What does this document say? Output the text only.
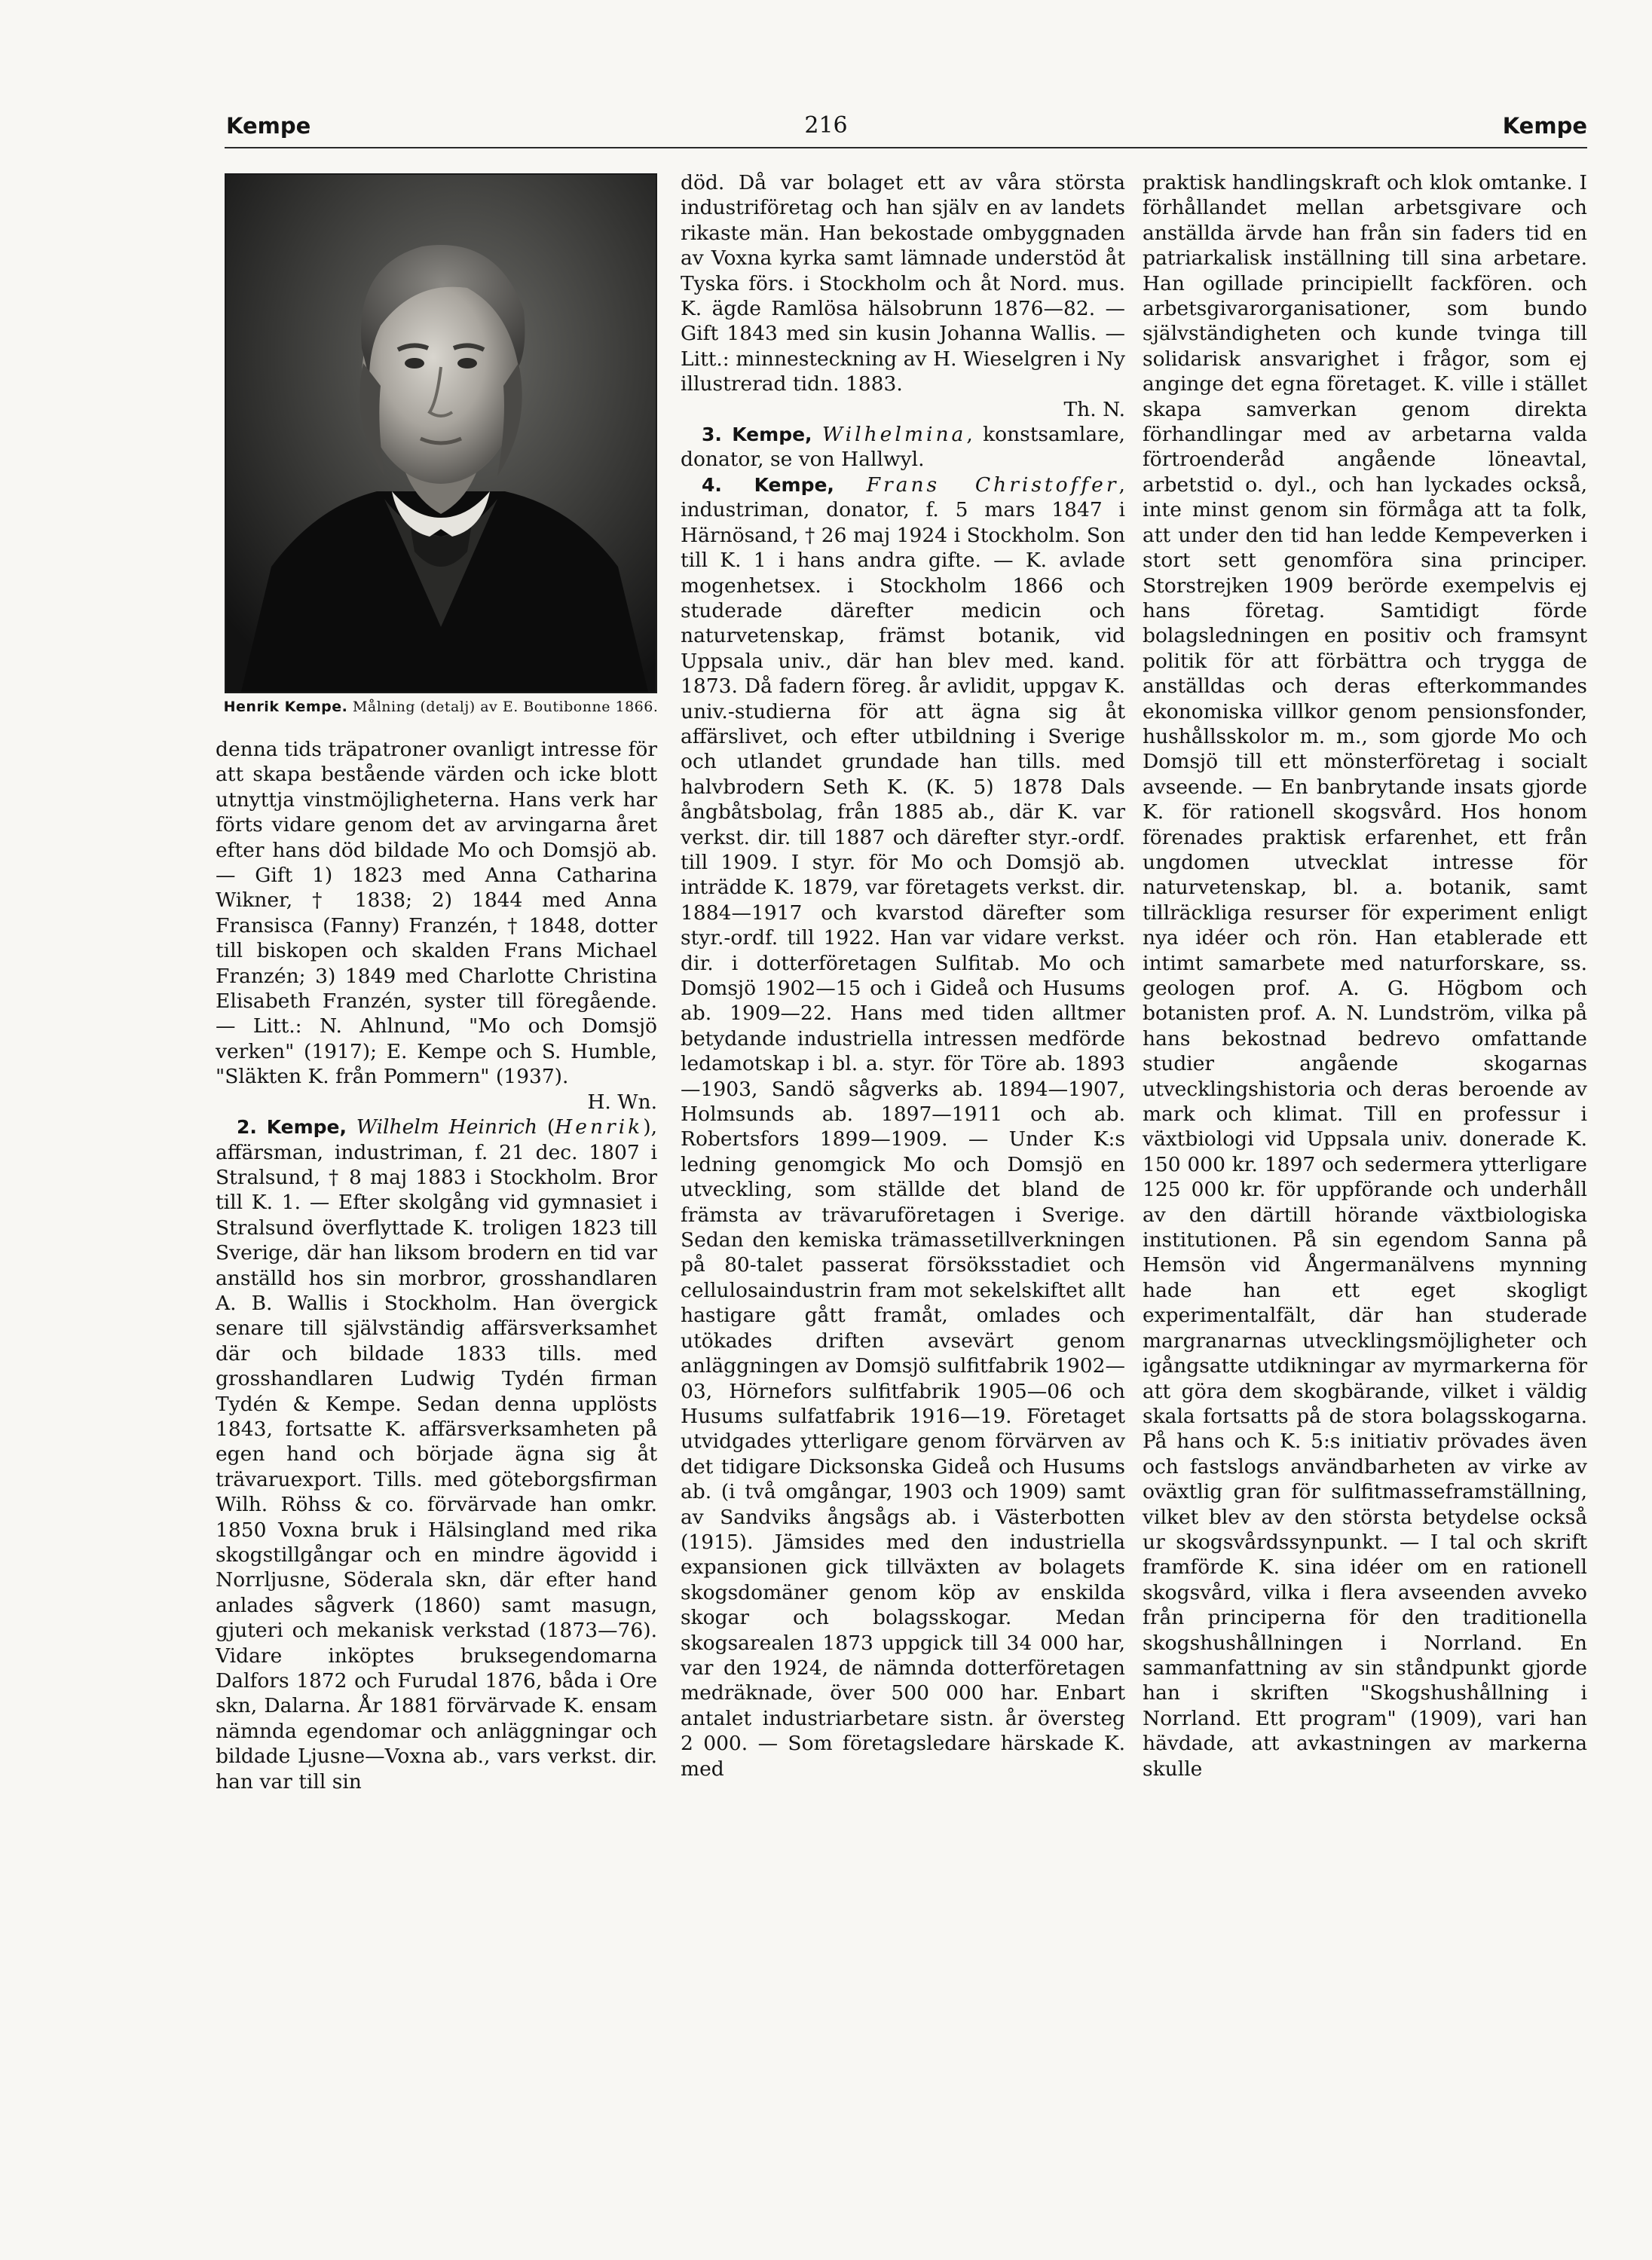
Kempe	216	Kempe
Henrik Kempe. Målning (detalj) av E. Boutibonne 1866.

denna tids träpatroner ovanligt intresse för att skapa bestående värden och icke blott utnyttja vinstmöjligheterna. Hans verk har förts vidare genom det av arvingarna året efter hans död bildade Mo och Domsjö ab. — Gift 1) 1823 med Anna Catharina Wikner, † 1838; 2) 1844 med Anna Fransisca (Fanny) Franzén, † 1848, dotter till biskopen och skalden Frans Michael Franzén; 3) 1849 med Charlotte Christina Elisabeth Franzén, syster till föregående. — Litt.: N. Ahlnund, "Mo och Domsjö verken" (1917); E. Kempe och S. Humble, "Släkten K. från Pommern" (1937).

H. Wn.

2. Kempe, Wilhelm Heinrich (Henrik), affärsman, industriman, f. 21 dec. 1807 i Stralsund, † 8 maj 1883 i Stockholm. Bror till K. 1. — Efter skolgång vid gymnasiet i Stralsund överflyttade K. troligen 1823 till Sverige, där han liksom brodern en tid var anställd hos sin morbror, grosshandlaren A. B. Wallis i Stockholm. Han övergick senare till självständig affärsverksamhet där och bildade 1833 tills. med grosshandlaren Ludwig Tydén firman Tydén & Kempe. Sedan denna upplösts 1843, fortsatte K. affärsverksamheten på egen hand och började ägna sig åt trävaruexport. Tills. med göteborgsfirman Wilh. Röhss & co. förvärvade han omkr. 1850 Voxna bruk i Hälsingland med rika skogstillgångar och en mindre ägovidd i Norrljusne, Söderala skn, där efter hand anlades sågverk (1860) samt masugn, gjuteri och mekanisk verkstad (1873—76). Vidare inköptes bruksegendomarna Dalfors 1872 och Furudal 1876, båda i Ore skn, Dalarna. År 1881 förvärvade K. ensam nämnda egendomar och anläggningar och bildade Ljusne—Voxna ab., vars verkst. dir. han var till sin

död. Då var bolaget ett av våra största industriföretag och han själv en av landets rikaste män. Han bekostade ombyggnaden av Voxna kyrka samt lämnade understöd åt Tyska förs. i Stockholm och åt Nord. mus. K. ägde Ramlösa hälsobrunn 1876—82. — Gift 1843 med sin kusin Johanna Wallis. — Litt.: minnesteckning av H. Wieselgren i Ny illustrerad tidn. 1883.

Th. N.

3. Kempe, Wilhelmina, konstsamlare, donator, se von Hallwyl.

4. Kempe, Frans Christoffer, industriman, donator, f. 5 mars 1847 i Härnösand, † 26 maj 1924 i Stockholm. Son till K. 1 i hans andra gifte. — K. avlade mogenhetsex. i Stockholm 1866 och studerade därefter medicin och naturvetenskap, främst botanik, vid Uppsala univ., där han blev med. kand. 1873. Då fadern föreg. år avlidit, uppgav K. univ.-studierna för att ägna sig åt affärslivet, och efter utbildning i Sverige och utlandet grundade han tills. med halvbrodern Seth K. (K. 5) 1878 Dals ångbåtsbolag, från 1885 ab., där K. var verkst. dir. till 1887 och därefter styr.-ordf. till 1909. I styr. för Mo och Domsjö ab. inträdde K. 1879, var företagets verkst. dir. 1884—1917 och kvarstod därefter som styr.-ordf. till 1922. Han var vidare verkst. dir. i dotterföretagen Sulfitab. Mo och Domsjö 1902—15 och i Gideå och Husums ab. 1909—22. Hans med tiden alltmer betydande industriella intressen medförde ledamotskap i bl. a. styr. för Töre ab. 1893—1903, Sandö sågverks ab. 1894—1907, Holmsunds ab. 1897—1911 och ab. Robertsfors 1899—1909. — Under K:s ledning genomgick Mo och Domsjö en utveckling, som ställde det bland de främsta av trävaruföretagen i Sverige. Sedan den kemiska trämassetillverkningen på 80-talet passerat försöksstadiet och cellulosaindustrin fram mot sekelskiftet allt hastigare gått framåt, omlades och utökades driften avsevärt genom anläggningen av Domsjö sulfitfabrik 1902—03, Hörnefors sulfitfabrik 1905—06 och Husums sulfatfabrik 1916—19. Företaget utvidgades ytterligare genom förvärven av det tidigare Dicksonska Gideå och Husums ab. (i två omgångar, 1903 och 1909) samt av Sandviks ångsågs ab. i Västerbotten (1915). Jämsides med den industriella expansionen gick tillväxten av bolagets skogsdomäner genom köp av enskilda skogar och bolagsskogar. Medan skogsarealen 1873 uppgick till 34 000 har, var den 1924, de nämnda dotterföretagen medräknade, över 500 000 har. Enbart antalet industriarbetare sistn. år översteg 2 000. — Som företagsledare härskade K. med

praktisk handlingskraft och klok omtanke. I förhållandet mellan arbetsgivare och anställda ärvde han från sin faders tid en patriarkalisk inställning till sina arbetare. Han ogillade principiellt fackfören. och arbetsgivarorganisationer, som bundo självständigheten och kunde tvinga till solidarisk ansvarighet i frågor, som ej anginge det egna företaget. K. ville i stället skapa samverkan genom direkta förhandlingar med av arbetarna valda förtroenderåd angående löneavtal, arbetstid o. dyl., och han lyckades också, inte minst genom sin förmåga att ta folk, att under den tid han ledde Kempeverken i stort sett genomföra sina principer. Storstrejken 1909 berörde exempelvis ej hans företag. Samtidigt förde bolagsledningen en positiv och framsynt politik för att förbättra och trygga de anställdas och deras efterkommandes ekonomiska villkor genom pensionsfonder, hushållsskolor m. m., som gjorde Mo och Domsjö till ett mönsterföretag i socialt avseende. — En banbrytande insats gjorde K. för rationell skogsvård. Hos honom förenades praktisk erfarenhet, ett från ungdomen utvecklat intresse för naturvetenskap, bl. a. botanik, samt tillräckliga resurser för experiment enligt nya idéer och rön. Han etablerade ett intimt samarbete med naturforskare, ss. geologen prof. A. G. Högbom och botanisten prof. A. N. Lundström, vilka på hans bekostnad bedrevo omfattande studier angående skogarnas utvecklingshistoria och deras beroende av mark och klimat. Till en professur i växtbiologi vid Uppsala univ. donerade K. 150 000 kr. 1897 och sedermera ytterligare 125 000 kr. för uppförande och underhåll av den därtill hörande växtbiologiska institutionen. På sin egendom Sanna på Hemsön vid Ångermanälvens mynning hade han ett eget skogligt experimentalfält, där han studerade margranarnas utvecklingsmöjligheter och igångsatte utdikningar av myrmarkerna för att göra dem skogbärande, vilket i väldig skala fortsatts på de stora bolagsskogarna. På hans och K. 5:s initiativ prövades även och fastslogs användbarheten av virke av oväxtlig gran för sulfitmasseframställning, vilket blev av den största betydelse också ur skogsvårdssynpunkt. — I tal och skrift framförde K. sina idéer om en rationell skogsvård, vilka i flera avseenden avveko från principerna för den traditionella skogshushållningen i Norrland. En sammanfattning av sin ståndpunkt gjorde han i skriften "Skogshushållning i Norrland. Ett program" (1909), vari han hävdade, att avkastningen av markerna skulle
